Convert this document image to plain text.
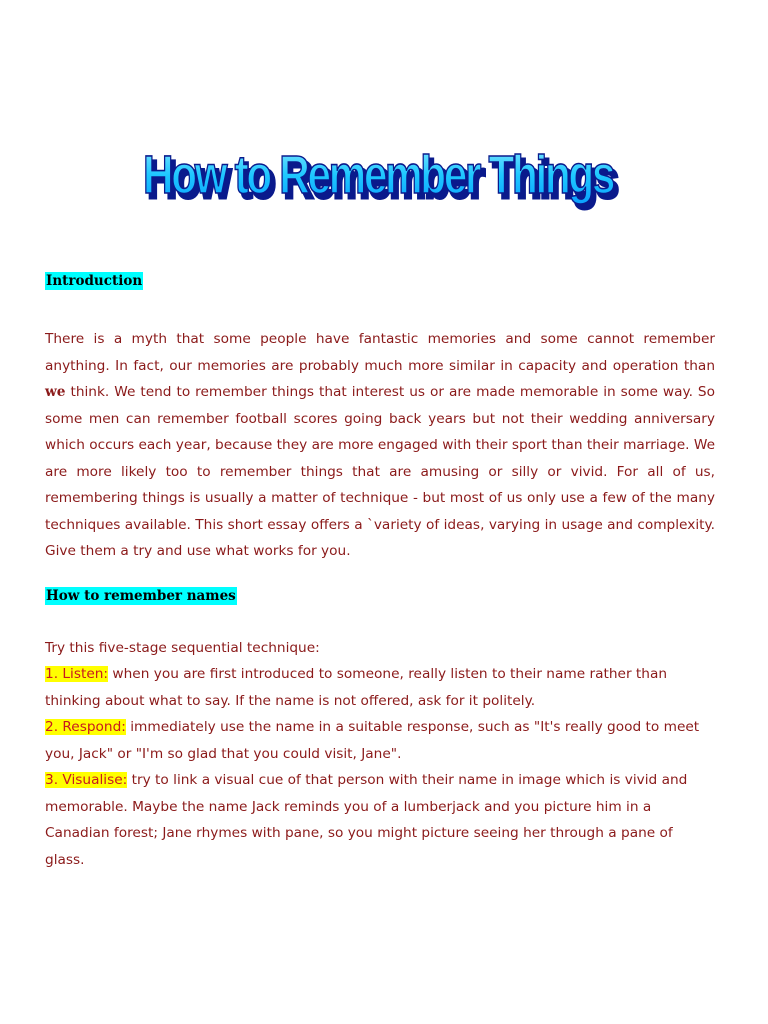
How to Remember Things
How to Remember Things

Introduction

There is a myth that some people have fantastic memories and some cannot remember anything. In fact, our memories are probably much more similar in capacity and operation than we think. We tend to remember things that interest us or are made memorable in some way. So some men can remember football scores going back years but not their wedding anniversary which occurs each year, because they are more engaged with their sport than their marriage. We are more likely too to remember things that are amusing or silly or vivid. For all of us, remembering things is usually a matter of technique - but most of us only use a few of the many techniques available. This short essay offers a `variety of ideas, varying in usage and complexity. Give them a try and use what works for you.

How to remember names

Try this five-stage sequential technique:

1. Listen: when you are first introduced to someone, really listen to their name rather than thinking about what to say. If the name is not offered, ask for it politely.

2. Respond: immediately use the name in a suitable response, such as "It's really good to meet you, Jack" or "I'm so glad that you could visit, Jane".

3. Visualise: try to link a visual cue of that person with their name in image which is vivid and memorable. Maybe the name Jack reminds you of a lumberjack and you picture him in a Canadian forest; Jane rhymes with pane, so you might picture seeing her through a pane of glass.
